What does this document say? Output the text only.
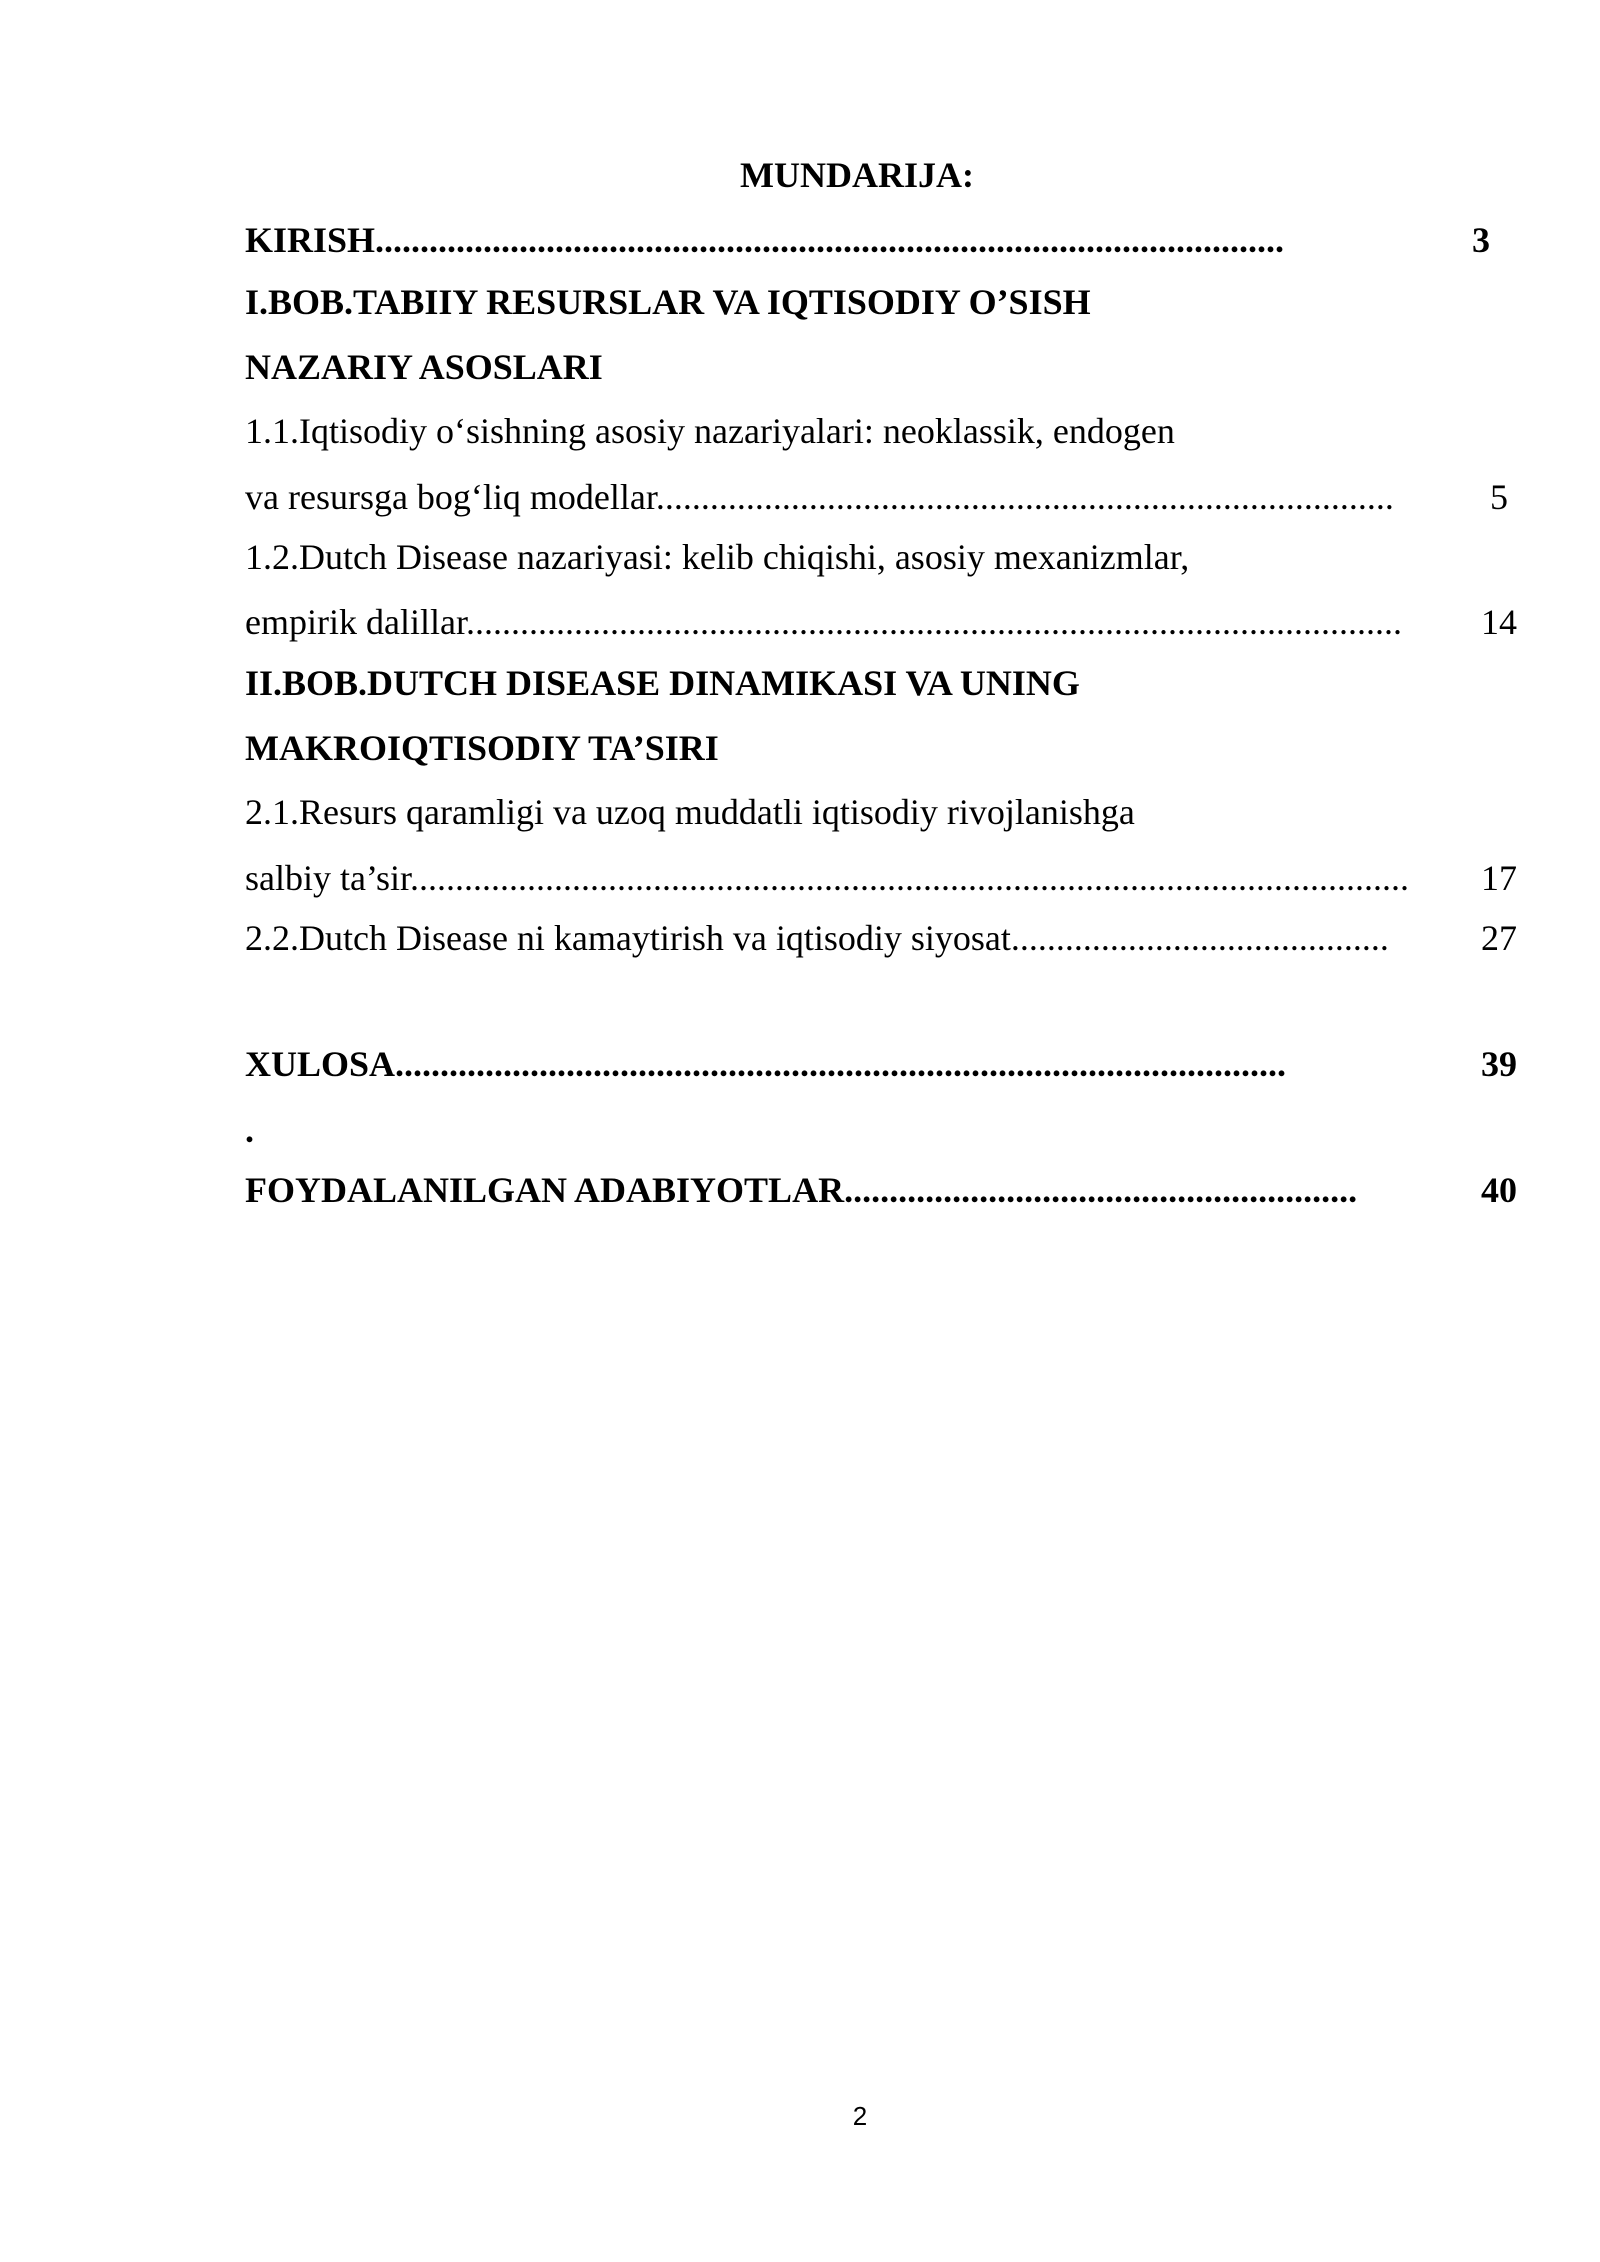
MUNDARIJA:
KIRISH.....................................................................................................	3
I.BOB.TABIIY RESURSLAR VA IQTISODIY O’SISH
NAZARIY ASOSLARI
1.1.Iqtisodiy o‘sishning asosiy nazariyalari: neoklassik, endogen
va resursga bog‘liq modellar..................................................................................	5
1.2.Dutch Disease nazariyasi: kelib chiqishi, asosiy mexanizmlar,
empirik dalillar........................................................................................................ 14
II.BOB.DUTCH DISEASE DINAMIKASI VA UNING
MAKROIQTISODIY TA’SIRI
2.1.Resurs qaramligi va uzoq muddatli iqtisodiy rivojlanishga
salbiy ta’sir............................................................................................................... 17
2.2.Dutch Disease ni kamaytirish va iqtisodiy siyosat..........................................	27
XULOSA...................................................................................................	39
.
FOYDALANILGAN ADABIYOTLAR.........................................................	40
2
